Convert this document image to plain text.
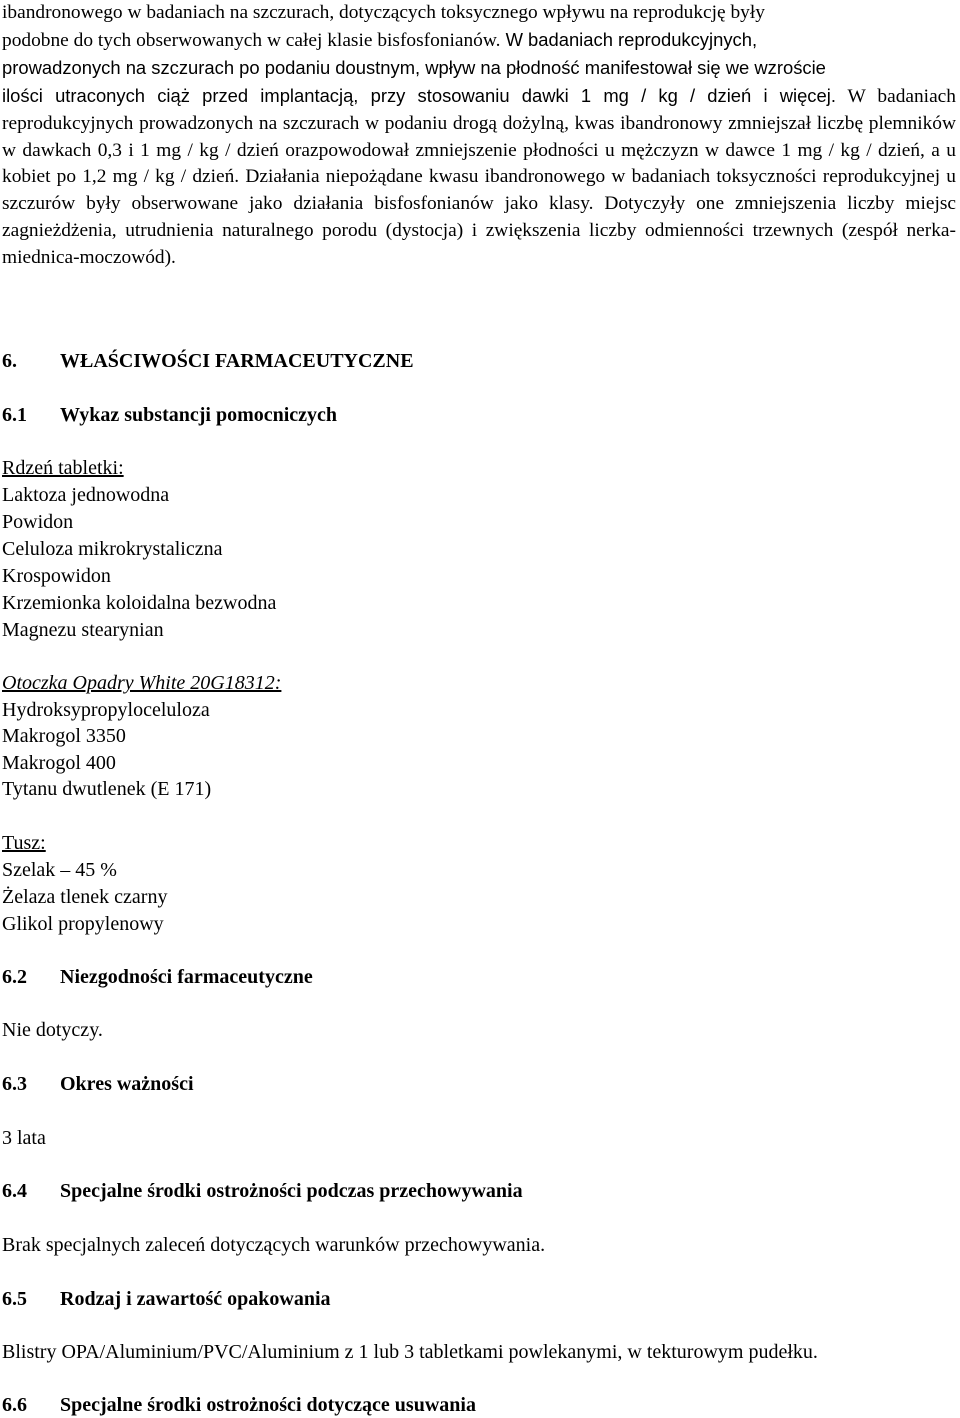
ibandronowego w badaniach na szczurach, dotyczących toksycznego wpływu na reprodukcję były
podobne do tych obserwowanych w całej klasie bisfosfonianów. W badaniach reprodukcyjnych,
prowadzonych na szczurach po podaniu doustnym, wpływ na płodność manifestował się we wzroście
ilości utraconych ciąż przed implantacją, przy stosowaniu dawki 1 mg / kg / dzień i więcej. W badaniach reprodukcyjnych prowadzonych na szczurach w podaniu drogą dożylną, kwas ibandronowy zmniejszał liczbę plemników w dawkach 0,3 i 1 mg / kg / dzień orazpowodował zmniejszenie płodności u mężczyzn w dawce 1 mg / kg / dzień, a u kobiet po 1,2 mg / kg / dzień. Działania niepożądane kwasu ibandronowego w badaniach toksyczności reprodukcyjnej u szczurów były obserwowane jako działania bisfosfonianów jako klasy. Dotyczyły one zmniejszenia liczby miejsc zagnieżdżenia, utrudnienia naturalnego porodu (dystocja) i zwiększenia liczby odmienności trzewnych (zespół nerka-miednica-moczowód).

6. WŁAŚCIWOŚCI FARMACEUTYCZNE
6.1 Wykaz substancji pomocniczych
Rdzeń tabletki:
Laktoza jednowodna
Powidon
Celuloza mikrokrystaliczna
Krospowidon
Krzemionka koloidalna bezwodna
Magnezu stearynian
Otoczka Opadry White 20G18312:
Hydroksypropyloceluloza
Makrogol 3350
Makrogol 400
Tytanu dwutlenek (E 171)
Tusz:
Szelak – 45 %
Żelaza tlenek czarny
Glikol propylenowy
6.2 Niezgodności farmaceutyczne
Nie dotyczy.
6.3 Okres ważności
3 lata
6.4 Specjalne środki ostrożności podczas przechowywania
Brak specjalnych zaleceń dotyczących warunków przechowywania.
6.5 Rodzaj i zawartość opakowania
Blistry OPA/Aluminium/PVC/Aluminium z 1 lub 3 tabletkami powlekanymi, w tekturowym pudełku.
6.6 Specjalne środki ostrożności dotyczące usuwania
